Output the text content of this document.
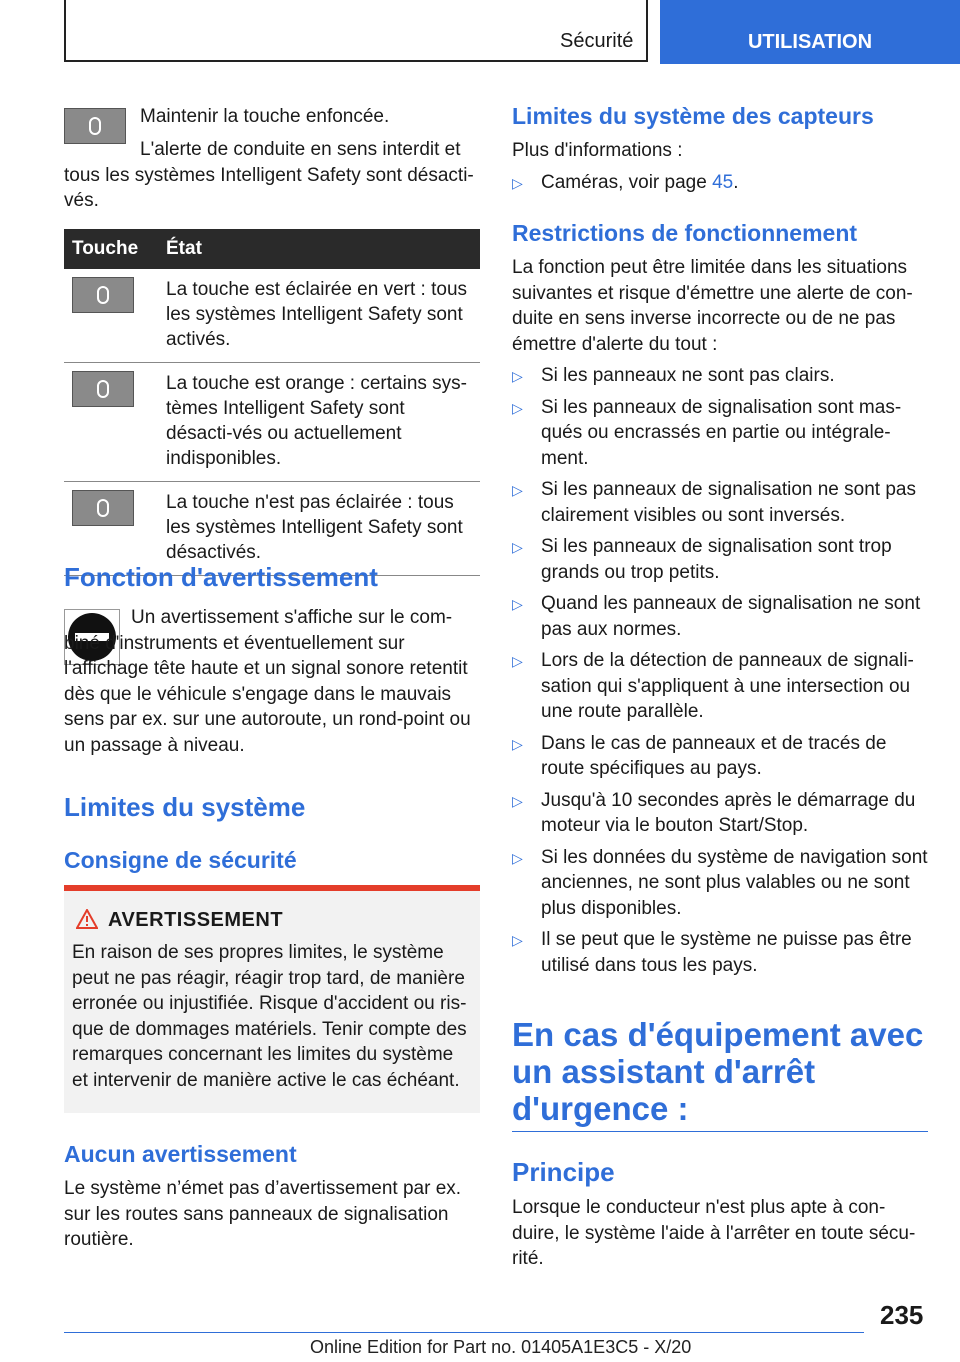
Sécurité	UTILISATION

Maintenir la touche enfoncée.

L'alerte de conduite en sens interdit et tous les systèmes Intelligent Safety sont désacti-vés.

Touche	État

	La touche est éclairée en vert : tous les systèmes Intelligent Safety sont activés.

	La touche est orange : certains sys-tèmes Intelligent Safety sont désacti-vés ou actuellement indisponibles.

	La touche n'est pas éclairée : tous les systèmes Intelligent Safety sont désactivés.
Fonction d'avertissement

Un avertissement s'affiche sur le com-biné d'instruments et éventuellement sur l'affichage tête haute et un signal sonore retentit dès que le véhicule s'engage dans le mauvais sens par ex. sur une autoroute, un rond-point ou un passage à niveau.

Limites du système
Consigne de sécurité
AVERTISSEMENT

En raison de ses propres limites, le système peut ne pas réagir, réagir trop tard, de manière erronée ou injustifiée. Risque d'accident ou ris-que de dommages matériels. Tenir compte des remarques concernant les limites du système et intervenir de manière active le cas échéant.

Aucun avertissement

Le système n’émet pas d’avertissement par ex. sur les routes sans panneaux de signalisation routière.

Limites du système des capteurs

Plus d'informations :

▷ Caméras, voir page 45.
Restrictions de fonctionnement

La fonction peut être limitée dans les situations suivantes et risque d'émettre une alerte de con-duite en sens inverse incorrecte ou de ne pas émettre d'alerte du tout :

▷ Si les panneaux ne sont pas clairs.
▷ Si les panneaux de signalisation sont mas-qués ou encrassés en partie ou intégrale-ment.
▷ Si les panneaux de signalisation ne sont pas clairement visibles ou sont inversés.
▷ Si les panneaux de signalisation sont trop grands ou trop petits.
▷ Quand les panneaux de signalisation ne sont pas aux normes.
▷ Lors de la détection de panneaux de signali-sation qui s'appliquent à une intersection ou une route parallèle.
▷ Dans le cas de panneaux et de tracés de route spécifiques au pays.
▷ Jusqu'à 10 secondes après le démarrage du moteur via le bouton Start/Stop.
▷ Si les données du système de navigation sont anciennes, ne sont plus valables ou ne sont plus disponibles.
▷ Il se peut que le système ne puisse pas être utilisé dans tous les pays.
En cas d'équipement avec un assistant d'arrêt d'urgence :
Principe

Lorsque le conducteur n'est plus apte à con-duire, le système l'aide à l'arrêter en toute sécu-rité.

235
Online Edition for Part no. 01405A1E3C5 - X/20
